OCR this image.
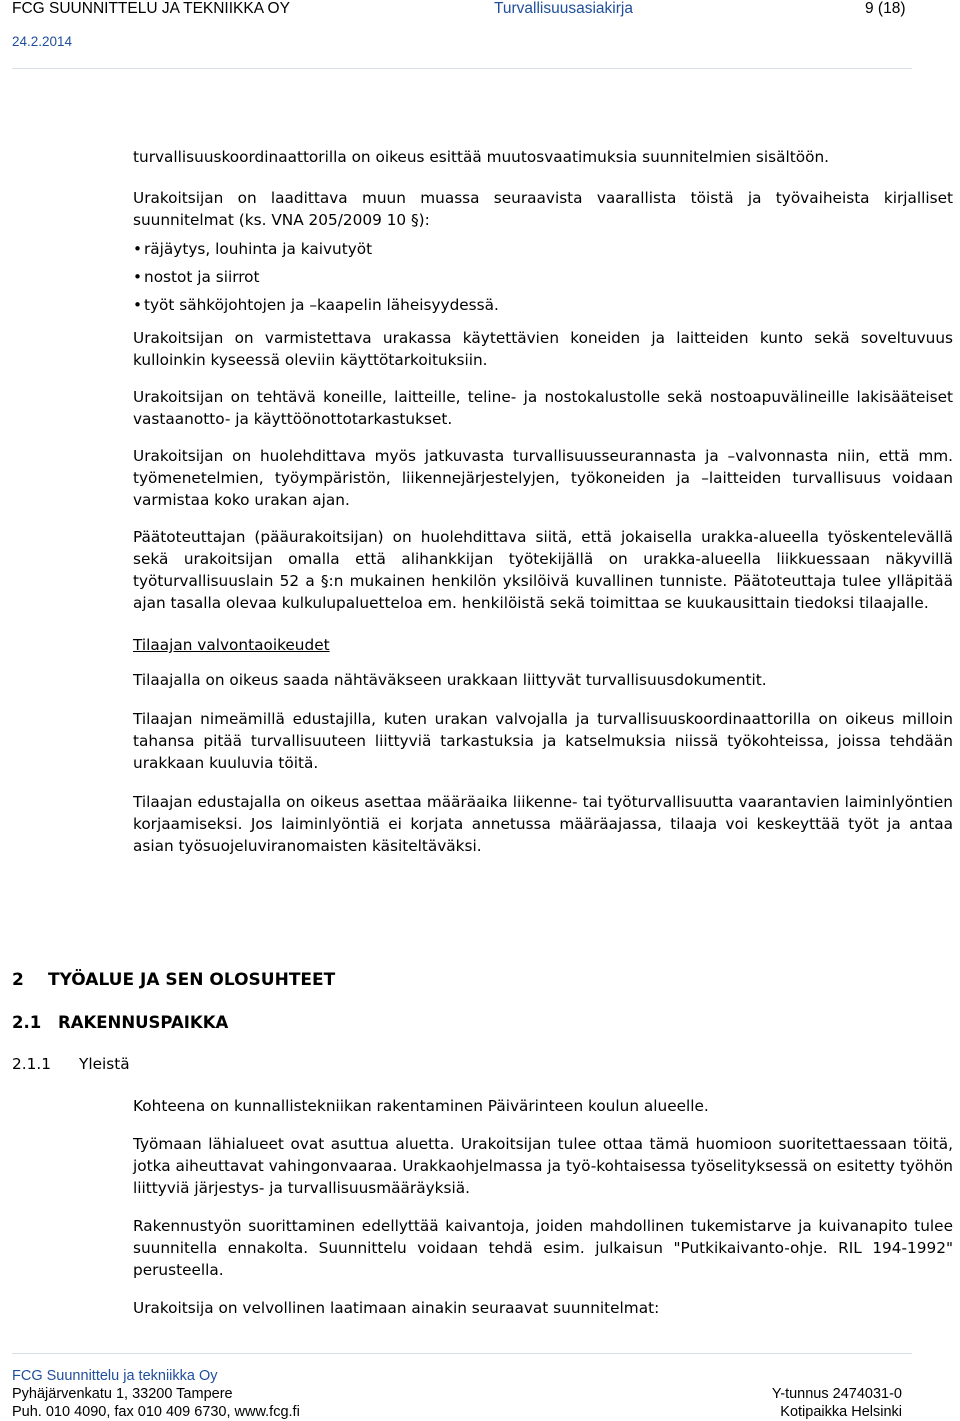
FCG SUUNNITTELU JA TEKNIIKKA OY	Turvallisuusasiakirja	9 (18)
24.2.2014

turvallisuuskoordinaattorilla on oikeus esittää muutosvaatimuksia suunnitelmien sisältöön.

Urakoitsijan on laadittava muun muassa seuraavista vaarallista töistä ja työvaiheista kirjalliset suunnitelmat (ks. VNA 205/2009 10 §):

• räjäytys, louhinta ja kaivutyöt
• nostot ja siirrot
• työt sähköjohtojen ja –kaapelin läheisyydessä.

Urakoitsijan on varmistettava urakassa käytettävien koneiden ja laitteiden kunto sekä soveltuvuus kulloinkin kyseessä oleviin käyttötarkoituksiin.

Urakoitsijan on tehtävä koneille, laitteille, teline- ja nostokalustolle sekä nostoapuvälineille lakisääteiset vastaanotto- ja käyttöönottotarkastukset.

Urakoitsijan on huolehdittava myös jatkuvasta turvallisuusseurannasta ja –valvonnasta niin, että mm. työmenetelmien, työympäristön, liikennejärjestelyjen, työkoneiden ja –laitteiden turvallisuus voidaan varmistaa koko urakan ajan.

Päätoteuttajan (pääurakoitsijan) on huolehdittava siitä, että jokaisella urakka-alueella työskentelevällä sekä urakoitsijan omalla että alihankkijan työtekijällä on urakka-alueella liikkuessaan näkyvillä työturvallisuuslain 52 a §:n mukainen henkilön yksilöivä kuvallinen tunniste. Päätoteuttaja tulee ylläpitää ajan tasalla olevaa kulkulupaluetteloa em. henkilöistä sekä toimittaa se kuukausittain tiedoksi tilaajalle.

Tilaajan valvontaoikeudet

Tilaajalla on oikeus saada nähtäväkseen urakkaan liittyvät turvallisuusdokumentit.

Tilaajan nimeämillä edustajilla, kuten urakan valvojalla ja turvallisuuskoordinaattorilla on oikeus milloin tahansa pitää turvallisuuteen liittyviä tarkastuksia ja katselmuksia niissä työkohteissa, joissa tehdään urakkaan kuuluvia töitä.

Tilaajan edustajalla on oikeus asettaa määräaika liikenne- tai työturvallisuutta vaarantavien laiminlyöntien korjaamiseksi. Jos laiminlyöntiä ei korjata annetussa määräajassa, tilaaja voi keskeyttää työt ja antaa asian työsuojeluviranomaisten käsiteltäväksi.

2 TYÖALUE JA SEN OLOSUHTEET
2.1 RAKENNUSPAIKKA
2.1.1 Yleistä

Kohteena on kunnallistekniikan rakentaminen Päivärinteen koulun alueelle.

Työmaan lähialueet ovat asuttua aluetta. Urakoitsijan tulee ottaa tämä huomioon suoritettaessaan töitä, jotka aiheuttavat vahingonvaaraa. Urakkaohjelmassa ja työ-kohtaisessa työselityksessä on esitetty työhön liittyviä järjestys- ja turvallisuusmääräyksiä.

Rakennustyön suorittaminen edellyttää kaivantoja, joiden mahdollinen tukemistarve ja kuivanapito tulee suunnitella ennakolta. Suunnittelu voidaan tehdä esim. julkaisun "Putkikaivanto-ohje. RIL 194-1992" perusteella.

Urakoitsija on velvollinen laatimaan ainakin seuraavat suunnitelmat:

FCG Suunnittelu ja tekniikka Oy
Pyhäjärvenkatu 1, 33200 Tampere	Y-tunnus 2474031-0
Puh. 010 4090, fax 010 409 6730, www.fcg.fi	Kotipaikka Helsinki
